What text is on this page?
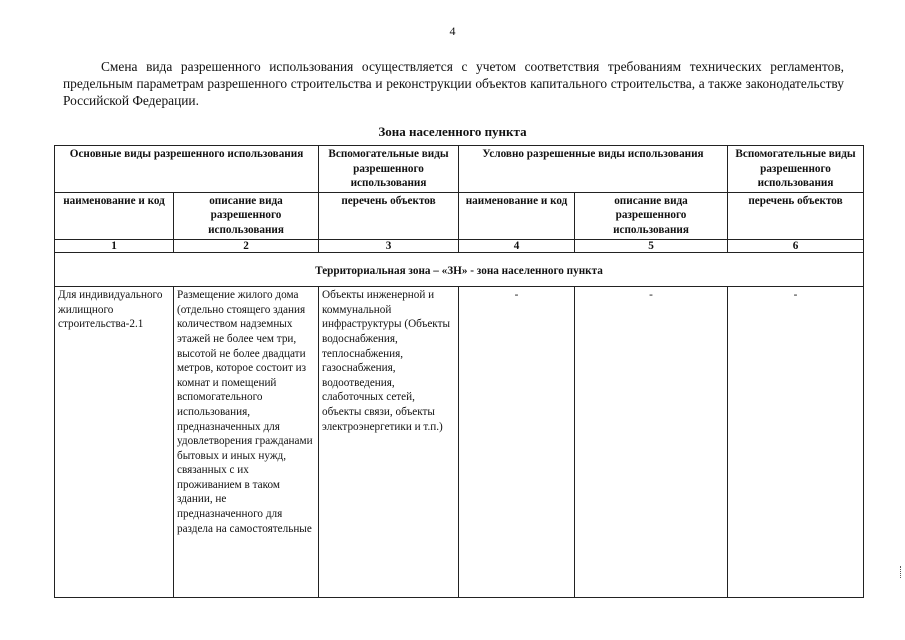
4

Смена вида разрешенного использования осуществляется с учетом соответствия требованиям технических регламентов, предельным параметрам разрешенного строительства и реконструкции объектов капитального строительства, а также законодательству Российской Федерации.

Зона населенного пункта
Основные виды разрешенного использования		Вспомогательные виды разрешенного использования	Условно разрешенные виды использования		Вспомогательные виды разрешенного использования
наименование и код	описание вида разрешенного использования	перечень объектов	наименование и код	описание вида разрешенного использования	перечень объектов
1	2	3	4	5	6
Территориальная зона – «ЗН» - зона населенного пункта					
Для индивидуального жилищного строительства-2.1	Размещение жилого дома (отдельно стоящего здания количеством надземных этажей не более чем три, высотой не более двадцати метров, которое состоит из комнат и помещений вспомогательного использования, предназначенных для удовлетворения гражданами бытовых и иных нужд, связанных с их проживанием в таком здании, не предназначенного для раздела на самостоятельные	Объекты инженерной и коммунальной инфраструктуры (Объекты водоснабжения, теплоснабжения, газоснабжения, водоотведения, слаботочных сетей, объекты связи, объекты электроэнергетики и т.п.)	-	-	-
